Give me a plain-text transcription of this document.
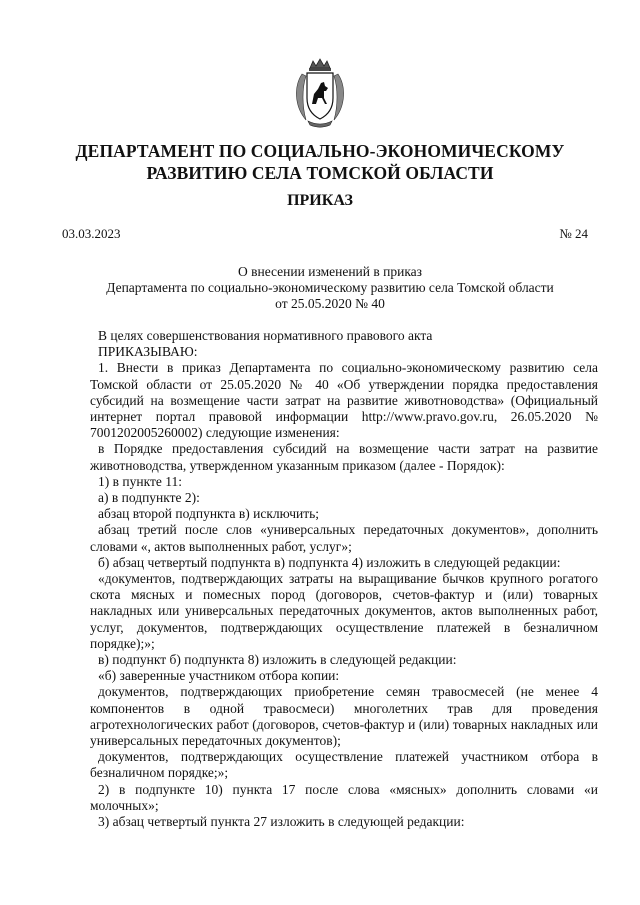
ДЕПАРТАМЕНТ ПО СОЦИАЛЬНО-ЭКОНОМИЧЕСКОМУ
РАЗВИТИЮ СЕЛА ТОМСКОЙ ОБЛАСТИ
ПРИКАЗ
03.03.2023	№ 24
О внесении изменений в приказ
Департамента по социально-экономическому развитию села Томской области
от 25.05.2020 № 40

В целях совершенствования нормативного правового акта

ПРИКАЗЫВАЮ:

1. Внести в приказ Департамента по социально-экономическому развитию села Томской области от 25.05.2020 № 40 «Об утверждении порядка предоставления субсидий на возмещение части затрат на развитие животноводства» (Официальный интернет портал правовой информации http://www.pravo.gov.ru, 26.05.2020 № 7001202005260002) следующие изменения:

в Порядке предоставления субсидий на возмещение части затрат на развитие животноводства, утвержденном указанным приказом (далее - Порядок):

1) в пункте 11:

а) в подпункте 2):

абзац второй подпункта в) исключить;

абзац третий после слов «универсальных передаточных документов», дополнить словами «, актов выполненных работ, услуг»;

б) абзац четвертый подпункта в) подпункта 4) изложить в следующей редакции:

«документов, подтверждающих затраты на выращивание бычков крупного рогатого скота мясных и помесных пород (договоров, счетов-фактур и (или) товарных накладных или универсальных передаточных документов, актов выполненных работ, услуг, документов, подтверждающих осуществление платежей в безналичном порядке);»;

в) подпункт б) подпункта 8) изложить в следующей редакции:

«б) заверенные участником отбора копии:

документов, подтверждающих приобретение семян травосмесей (не менее 4 компонентов в одной травосмеси) многолетних трав для проведения агротехнологических работ (договоров, счетов-фактур и (или) товарных накладных или универсальных передаточных документов);

документов, подтверждающих осуществление платежей участником отбора в безналичном порядке;»;

2) в подпункте 10) пункта 17 после слова «мясных» дополнить словами «и молочных»;

3) абзац четвертый пункта 27 изложить в следующей редакции:
